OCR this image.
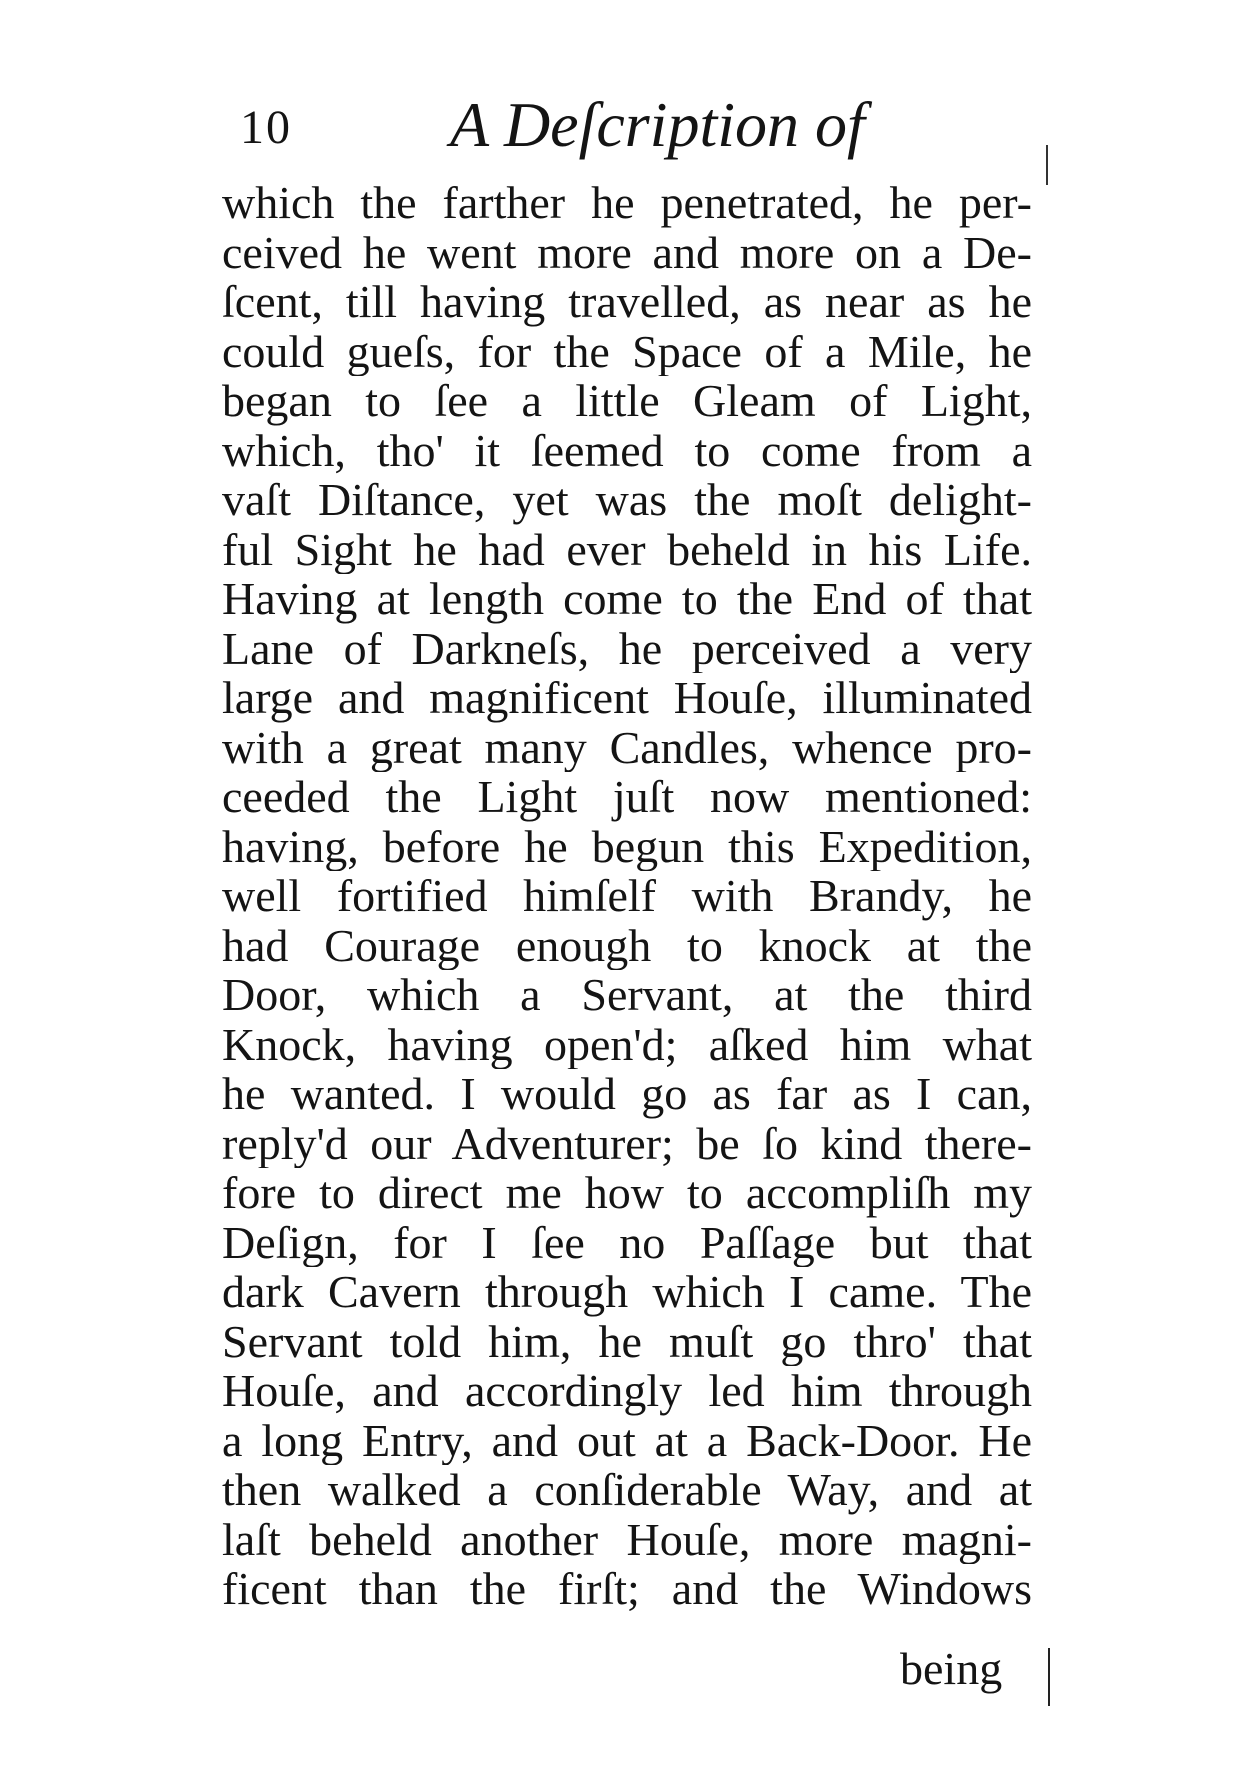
10 A Deſcription of
which the farther he penetrated, he per-
ceived he went more and more on a De-
ſcent, till having travelled, as near as he
could gueſs, for the Space of a Mile, he
began to ſee a little Gleam of Light,
which, tho' it ſeemed to come from a
vaſt Diſtance, yet was the moſt delight-
ful Sight he had ever beheld in his Life.
Having at length come to the End of that
Lane of Darkneſs, he perceived a very
large and magnificent Houſe, illuminated
with a great many Candles, whence pro-
ceeded the Light juſt now mentioned:
having, before he begun this Expedition,
well fortified himſelf with Brandy, he
had Courage enough to knock at the
Door, which a Servant, at the third
Knock, having open'd; aſked him what
he wanted. I would go as far as I can,
reply'd our Adventurer; be ſo kind there-
fore to direct me how to accompliſh my
Deſign, for I ſee no Paſſage but that
dark Cavern through which I came. The
Servant told him, he muſt go thro' that
Houſe, and accordingly led him through
a long Entry, and out at a Back-Door. He
then walked a conſiderable Way, and at
laſt beheld another Houſe, more magni-
ficent than the firſt; and the Windows
being
